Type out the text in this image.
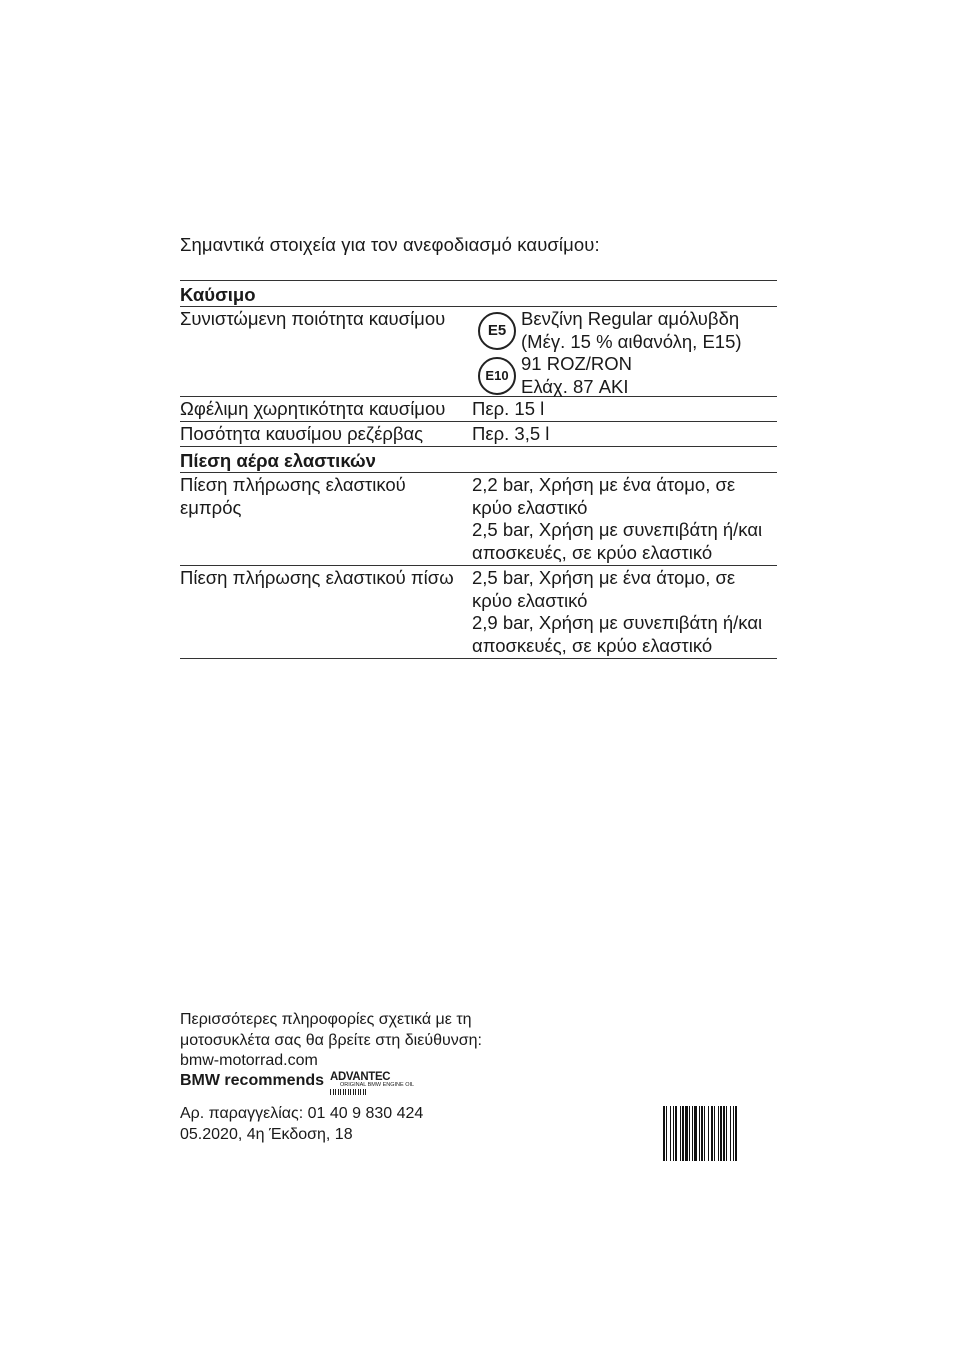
Σημαντικά στοιχεία για τον ανεφοδιασμό καυσίμου:
Καύσιμο
Συνιστώμενη ποιότητα καυσίμου
E5
Βενζίνη Regular αμόλυβδη
(Μέγ. 15 % αιθανόλη, E15)
E10
91 ROZ/RON
Ελάχ. 87 AKI
Ωφέλιμη χωρητικότητα καυσίμου	Περ. 15 l
Ποσότητα καυσίμου ρεζέρβας	Περ. 3,5 l
Πίεση αέρα ελαστικών
Πίεση πλήρωσης ελαστικού εμπρός
2,2 bar, Χρήση με ένα άτομο, σε
κρύο ελαστικό
2,5 bar, Χρήση με συνεπιβάτη ή/και
αποσκευές, σε κρύο ελαστικό
Πίεση πλήρωσης ελαστικού πίσω 2,5 bar, Χρήση με ένα άτομο, σε
κρύο ελαστικό
2,9 bar, Χρήση με συνεπιβάτη ή/και
αποσκευές, σε κρύο ελαστικό
Περισσότερες πληροφορίες σχετικά με τη
μοτοσυκλέτα σας θα βρείτε στη διεύθυνση:
bmw-motorrad.com
BMW recommends ADVANTEC
ORIGINAL BMW ENGINE OIL
Αρ. παραγγελίας: 01 40 9 830 424
05.2020, 4η Έκδοση, 18
